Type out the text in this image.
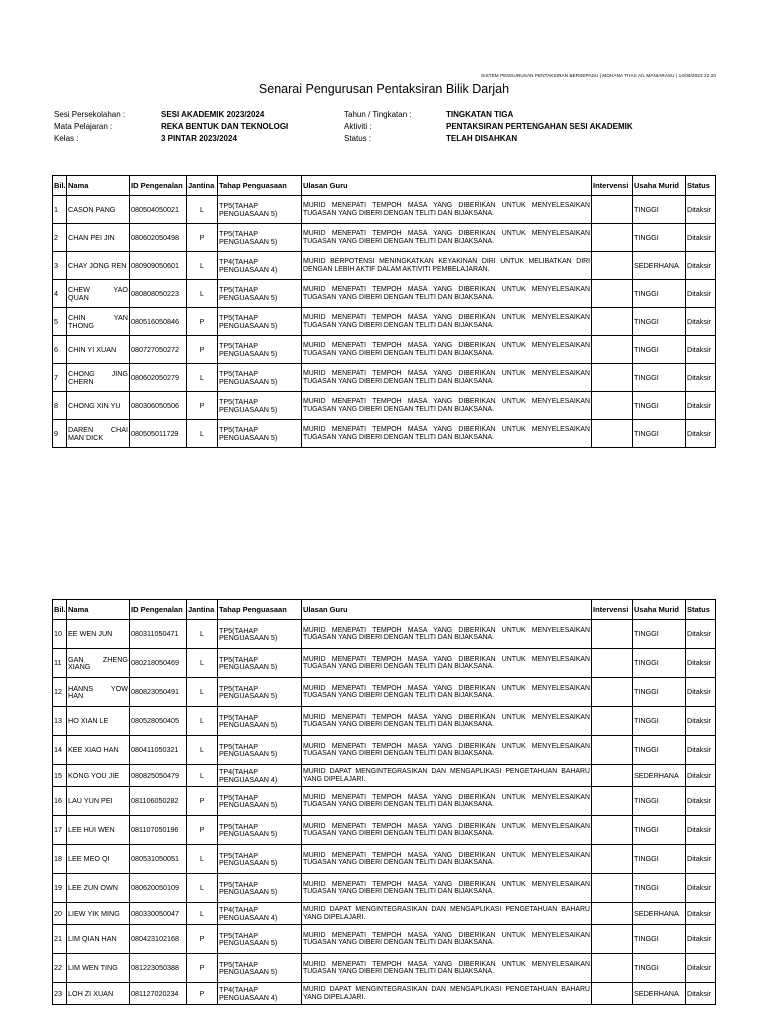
SISTEM PENGURUSAN PENTAKSIRAN BERSEPADU | MOHANA THAS A/L MANIARASU | 14/09/2023 22:20
Senarai Pengurusan Pentaksiran Bilik Darjah
Sesi Persekolahan :	SESI AKADEMIK 2023/2024
Mata Pelajaran :	REKA BENTUK DAN TEKNOLOGI
Kelas :	3 PINTAR 2023/2024
Tahun / Tingkatan :	TINGKATAN TIGA
Aktiviti :	PENTAKSIRAN PERTENGAHAN SESI AKADEMIK
Status :	TELAH DISAHKAN
Bil.	Nama	ID Pengenalan	Jantina	Tahap Penguasaan	Ulasan Guru	Intervensi	Usaha Murid	Status
1	CASON PANG	080504050021	L	TP5(TAHAP PENGUASAAN 5)	MURID MENEPATI TEMPOH MASA YANG DIBERIKAN UNTUK MENYELESAIKAN TUGASAN YANG DIBERI DENGAN TELITI DAN BIJAKSANA.		TINGGI	Ditaksir
2	CHAN PEI JIN	080602050498	P	TP5(TAHAP PENGUASAAN 5)	MURID MENEPATI TEMPOH MASA YANG DIBERIKAN UNTUK MENYELESAIKAN TUGASAN YANG DIBERI DENGAN TELITI DAN BIJAKSANA.		TINGGI	Ditaksir
3	CHAY JONG REN	080909050601	L	TP4(TAHAP PENGUASAAN 4)	MURID BERPOTENSI MENINGKATKAN KEYAKINAN DIRI UNTUK MELIBATKAN DIRI DENGAN LEBIH AKTIF DALAM AKTIVITI PEMBELAJARAN.		SEDERHANA	Ditaksir
4	CHEW YAO QUAN	080808050223	L	TP5(TAHAP PENGUASAAN 5)	MURID MENEPATI TEMPOH MASA YANG DIBERIKAN UNTUK MENYELESAIKAN TUGASAN YANG DIBERI DENGAN TELITI DAN BIJAKSANA.		TINGGI	Ditaksir
5	CHIN YAN THONG	080516050846	P	TP5(TAHAP PENGUASAAN 5)	MURID MENEPATI TEMPOH MASA YANG DIBERIKAN UNTUK MENYELESAIKAN TUGASAN YANG DIBERI DENGAN TELITI DAN BIJAKSANA.		TINGGI	Ditaksir
6	CHIN YI XUAN	080727050272	P	TP5(TAHAP PENGUASAAN 5)	MURID MENEPATI TEMPOH MASA YANG DIBERIKAN UNTUK MENYELESAIKAN TUGASAN YANG DIBERI DENGAN TELITI DAN BIJAKSANA.		TINGGI	Ditaksir
7	CHONG JING CHERN	080602050279	L	TP5(TAHAP PENGUASAAN 5)	MURID MENEPATI TEMPOH MASA YANG DIBERIKAN UNTUK MENYELESAIKAN TUGASAN YANG DIBERI DENGAN TELITI DAN BIJAKSANA.		TINGGI	Ditaksir
8	CHONG XIN YU	080306050506	P	TP5(TAHAP PENGUASAAN 5)	MURID MENEPATI TEMPOH MASA YANG DIBERIKAN UNTUK MENYELESAIKAN TUGASAN YANG DIBERI DENGAN TELITI DAN BIJAKSANA.		TINGGI	Ditaksir
9	DAREN CHAI MAN DICK	080505011729	L	TP5(TAHAP PENGUASAAN 5)	MURID MENEPATI TEMPOH MASA YANG DIBERIKAN UNTUK MENYELESAIKAN TUGASAN YANG DIBERI DENGAN TELITI DAN BIJAKSANA.		TINGGI	Ditaksir
Bil.	Nama	ID Pengenalan	Jantina	Tahap Penguasaan	Ulasan Guru	Intervensi	Usaha Murid	Status
10	EE WEN JUN	080311050471	L	TP5(TAHAP PENGUASAAN 5)	MURID MENEPATI TEMPOH MASA YANG DIBERIKAN UNTUK MENYELESAIKAN TUGASAN YANG DIBERI DENGAN TELITI DAN BIJAKSANA.		TINGGI	Ditaksir
11	GAN ZHENG XIANG	080218050469	L	TP5(TAHAP PENGUASAAN 5)	MURID MENEPATI TEMPOH MASA YANG DIBERIKAN UNTUK MENYELESAIKAN TUGASAN YANG DIBERI DENGAN TELITI DAN BIJAKSANA.		TINGGI	Ditaksir
12	HANNS YOW HAN	080823050491	L	TP5(TAHAP PENGUASAAN 5)	MURID MENEPATI TEMPOH MASA YANG DIBERIKAN UNTUK MENYELESAIKAN TUGASAN YANG DIBERI DENGAN TELITI DAN BIJAKSANA.		TINGGI	Ditaksir
13	HO XIAN LE	080528050405	L	TP5(TAHAP PENGUASAAN 5)	MURID MENEPATI TEMPOH MASA YANG DIBERIKAN UNTUK MENYELESAIKAN TUGASAN YANG DIBERI DENGAN TELITI DAN BIJAKSANA.		TINGGI	Ditaksir
14	KEE XIAO HAN	080411050321	L	TP5(TAHAP PENGUASAAN 5)	MURID MENEPATI TEMPOH MASA YANG DIBERIKAN UNTUK MENYELESAIKAN TUGASAN YANG DIBERI DENGAN TELITI DAN BIJAKSANA.		TINGGI	Ditaksir
15	KONG YOU JIE	080825050479	L	TP4(TAHAP PENGUASAAN 4)	MURID DAPAT MENGINTEGRASIKAN DAN MENGAPLIKASI PENGETAHUAN BAHARU YANG DIPELAJARI.		SEDERHANA	Ditaksir
16	LAU YUN PEI	081106050282	P	TP5(TAHAP PENGUASAAN 5)	MURID MENEPATI TEMPOH MASA YANG DIBERIKAN UNTUK MENYELESAIKAN TUGASAN YANG DIBERI DENGAN TELITI DAN BIJAKSANA.		TINGGI	Ditaksir
17	LEE HUI WEN	081107050196	P	TP5(TAHAP PENGUASAAN 5)	MURID MENEPATI TEMPOH MASA YANG DIBERIKAN UNTUK MENYELESAIKAN TUGASAN YANG DIBERI DENGAN TELITI DAN BIJAKSANA.		TINGGI	Ditaksir
18	LEE MEO QI	080531050051	L	TP5(TAHAP PENGUASAAN 5)	MURID MENEPATI TEMPOH MASA YANG DIBERIKAN UNTUK MENYELESAIKAN TUGASAN YANG DIBERI DENGAN TELITI DAN BIJAKSANA.		TINGGI	Ditaksir
19	LEE ZUN OWN	080620050109	L	TP5(TAHAP PENGUASAAN 5)	MURID MENEPATI TEMPOH MASA YANG DIBERIKAN UNTUK MENYELESAIKAN TUGASAN YANG DIBERI DENGAN TELITI DAN BIJAKSANA.		TINGGI	Ditaksir
20	LIEW YIK MING	080330050047	L	TP4(TAHAP PENGUASAAN 4)	MURID DAPAT MENGINTEGRASIKAN DAN MENGAPLIKASI PENGETAHUAN BAHARU YANG DIPELAJARI.		SEDERHANA	Ditaksir
21	LIM QIAN HAN	080423102168	P	TP5(TAHAP PENGUASAAN 5)	MURID MENEPATI TEMPOH MASA YANG DIBERIKAN UNTUK MENYELESAIKAN TUGASAN YANG DIBERI DENGAN TELITI DAN BIJAKSANA.		TINGGI	Ditaksir
22	LIM WEN TING	081223050388	P	TP5(TAHAP PENGUASAAN 5)	MURID MENEPATI TEMPOH MASA YANG DIBERIKAN UNTUK MENYELESAIKAN TUGASAN YANG DIBERI DENGAN TELITI DAN BIJAKSANA.		TINGGI	Ditaksir
23	LOH ZI XUAN	081127020234	P	TP4(TAHAP PENGUASAAN 4)	MURID DAPAT MENGINTEGRASIKAN DAN MENGAPLIKASI PENGETAHUAN BAHARU YANG DIPELAJARI.		SEDERHANA	Ditaksir
